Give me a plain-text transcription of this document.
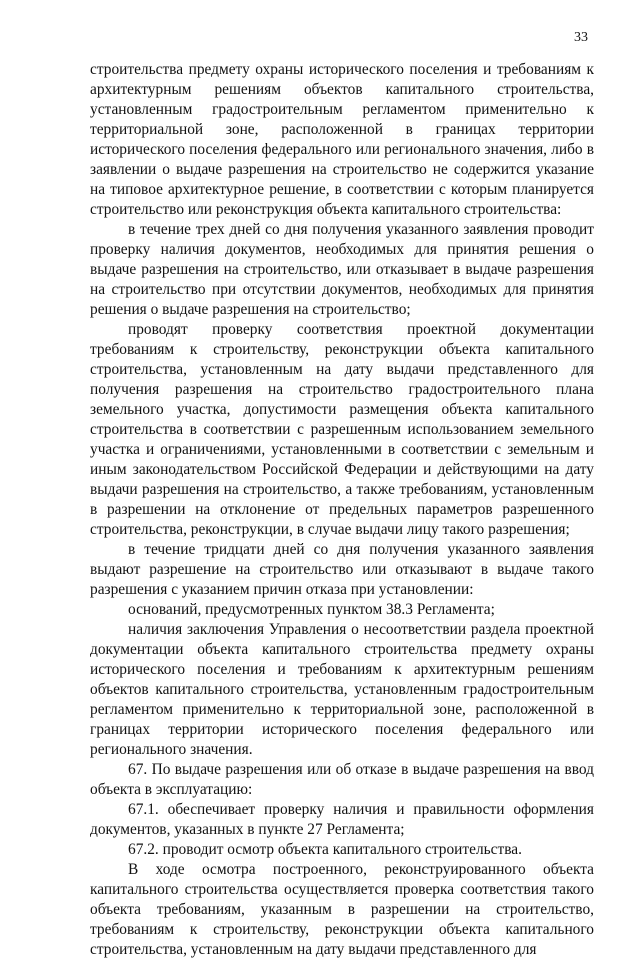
33

строительства предмету охраны исторического поселения и требованиям к архитектурным решениям объектов капитального строительства, установленным градостроительным регламентом применительно к территориальной зоне, расположенной в границах территории исторического поселения федерального или регионального значения, либо в заявлении о выдаче разрешения на строительство не содержится указание на типовое архитектурное решение, в соответствии с которым планируется строительство или реконструкция объекта капитального строительства:

в течение трех дней со дня получения указанного заявления проводит проверку наличия документов, необходимых для принятия решения о выдаче разрешения на строительство, или отказывает в выдаче разрешения на строительство при отсутствии документов, необходимых для принятия решения о выдаче разрешения на строительство;

проводят проверку соответствия проектной документации требованиям к строительству, реконструкции объекта капитального строительства, установленным на дату выдачи представленного для получения разрешения на строительство градостроительного плана земельного участка, допустимости размещения объекта капитального строительства в соответствии с разрешенным использованием земельного участка и ограничениями, установленными в соответствии с земельным и иным законодательством Российской Федерации и действующими на дату выдачи разрешения на строительство, а также требованиям, установленным в разрешении на отклонение от предельных параметров разрешенного строительства, реконструкции, в случае выдачи лицу такого разрешения;

в течение тридцати дней со дня получения указанного заявления выдают разрешение на строительство или отказывают в выдаче такого разрешения с указанием причин отказа при установлении:

оснований, предусмотренных пунктом 38.3 Регламента;

наличия заключения Управления о несоответствии раздела проектной документации объекта капитального строительства предмету охраны исторического поселения и требованиям к архитектурным решениям объектов капитального строительства, установленным градостроительным регламентом применительно к территориальной зоне, расположенной в границах территории исторического поселения федерального или регионального значения.

67. По выдаче разрешения или об отказе в выдаче разрешения на ввод объекта в эксплуатацию:

67.1. обеспечивает проверку наличия и правильности оформления документов, указанных в пункте 27 Регламента;

67.2. проводит осмотр объекта капитального строительства.

В ходе осмотра построенного, реконструированного объекта капитального строительства осуществляется проверка соответствия такого объекта требованиям, указанным в разрешении на строительство, требованиям к строительству, реконструкции объекта капитального строительства, установленным на дату выдачи представленного для
